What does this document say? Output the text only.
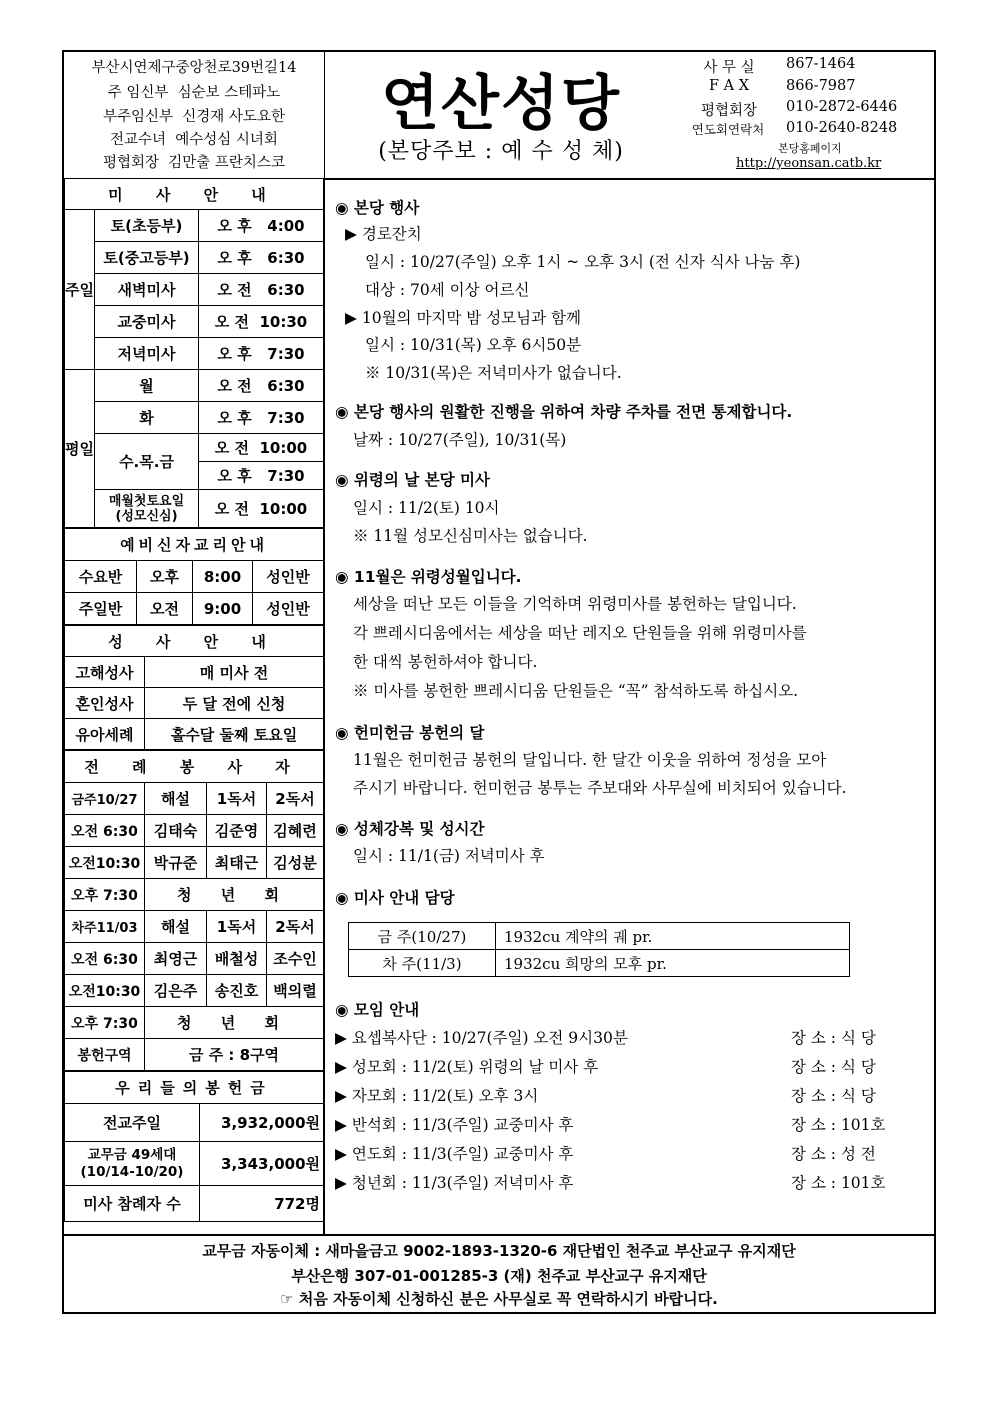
부산시연제구중앙천로39번길14
주 임신부 심순보 스테파노
부주임신부 신경재 사도요한
전교수녀 예수성심 시녀회
평협회장 김만출 프란치스코
연산성당
(본당주보 : 예 수 성 체)
사 무 실	867-1464
F A X	866-7987
평협회장	010-2872-6446
연도회연락처	010-2640-8248
본당홈페이지
http://yeonsan.catb.kr
미 사 안 내		
주일	토(초등부)	오 후 4:00
	토(중고등부)	오 후 6:30
	새벽미사	오 전 6:30
	교중미사	오 전 10:30
	저녁미사	오 후 7:30
평일	월	오 전 6:30
	화	오 후 7:30
	수.목.금	오 전 10:00
		오 후 7:30
	매월첫토요일
(성모신심)	오 전 10:00
예비신자교리안내			
수요반	오후	8:00	성인반
주일반	오전	9:00	성인반
성 사 안 내	
고해성사	매 미사 전
혼인성사	두 달 전에 신청
유아세례	홀수달 둘째 토요일
전 례 봉 사 자			
금주10/27	해설	1독서	2독서
오전 6:30	김태숙	김준영	김혜련
오전10:30	박규준	최태근	김성분
오후 7:30	청 년 회		
차주11/03	해설	1독서	2독서
오전 6:30	최영근	배철성	조수인
오전10:30	김은주	송진호	백의렬
오후 7:30	청 년 회		
봉헌구역	금 주 : 8구역		
우리들의봉헌금	
전교주일	3,932,000원
교무금 49세대
(10/14-10/20)	3,343,000원
미사 참례자 수	772명
◉ 본당 행사
▶ 경로잔치
일시 : 10/27(주일) 오후 1시 ~ 오후 3시 (전 신자 식사 나눔 후)
대상 : 70세 이상 어르신
▶ 10월의 마지막 밤 성모님과 함께
일시 : 10/31(목) 오후 6시50분
※ 10/31(목)은 저녁미사가 없습니다.
◉ 본당 행사의 원활한 진행을 위하여 차량 주차를 전면 통제합니다.
날짜 : 10/27(주일), 10/31(목)
◉ 위령의 날 본당 미사
일시 : 11/2(토) 10시
※ 11월 성모신심미사는 없습니다.
◉ 11월은 위령성월입니다.
세상을 떠난 모든 이들을 기억하며 위령미사를 봉헌하는 달입니다.
각 쁘레시디움에서는 세상을 떠난 레지오 단원들을 위해 위령미사를
한 대씩 봉헌하셔야 합니다.
※ 미사를 봉헌한 쁘레시디움 단원들은 “꼭” 참석하도록 하십시오.
◉ 헌미헌금 봉헌의 달
11월은 헌미헌금 봉헌의 달입니다. 한 달간 이웃을 위하여 정성을 모아
주시기 바랍니다. 헌미헌금 봉투는 주보대와 사무실에 비치되어 있습니다.
◉ 성체강복 및 성시간
일시 : 11/1(금) 저녁미사 후
◉ 미사 안내 담당
금 주(10/27)	1932cu 계약의 궤 pr.
차 주(11/3)	1932cu 희망의 모후 pr.
◉ 모임 안내
▶ 요셉복사단 : 10/27(주일) 오전 9시30분	장 소 : 식 당
▶ 성모회 : 11/2(토) 위령의 날 미사 후	장 소 : 식 당
▶ 자모회 : 11/2(토) 오후 3시	장 소 : 식 당
▶ 반석회 : 11/3(주일) 교중미사 후	장 소 : 101호
▶ 연도회 : 11/3(주일) 교중미사 후	장 소 : 성 전
▶ 청년회 : 11/3(주일) 저녁미사 후	장 소 : 101호
교무금 자동이체 : 새마을금고 9002-1893-1320-6 재단법인 천주교 부산교구 유지재단
부산은행 307-01-001285-3 (재) 천주교 부산교구 유지재단
☞ 처음 자동이체 신청하신 분은 사무실로 꼭 연락하시기 바랍니다.
